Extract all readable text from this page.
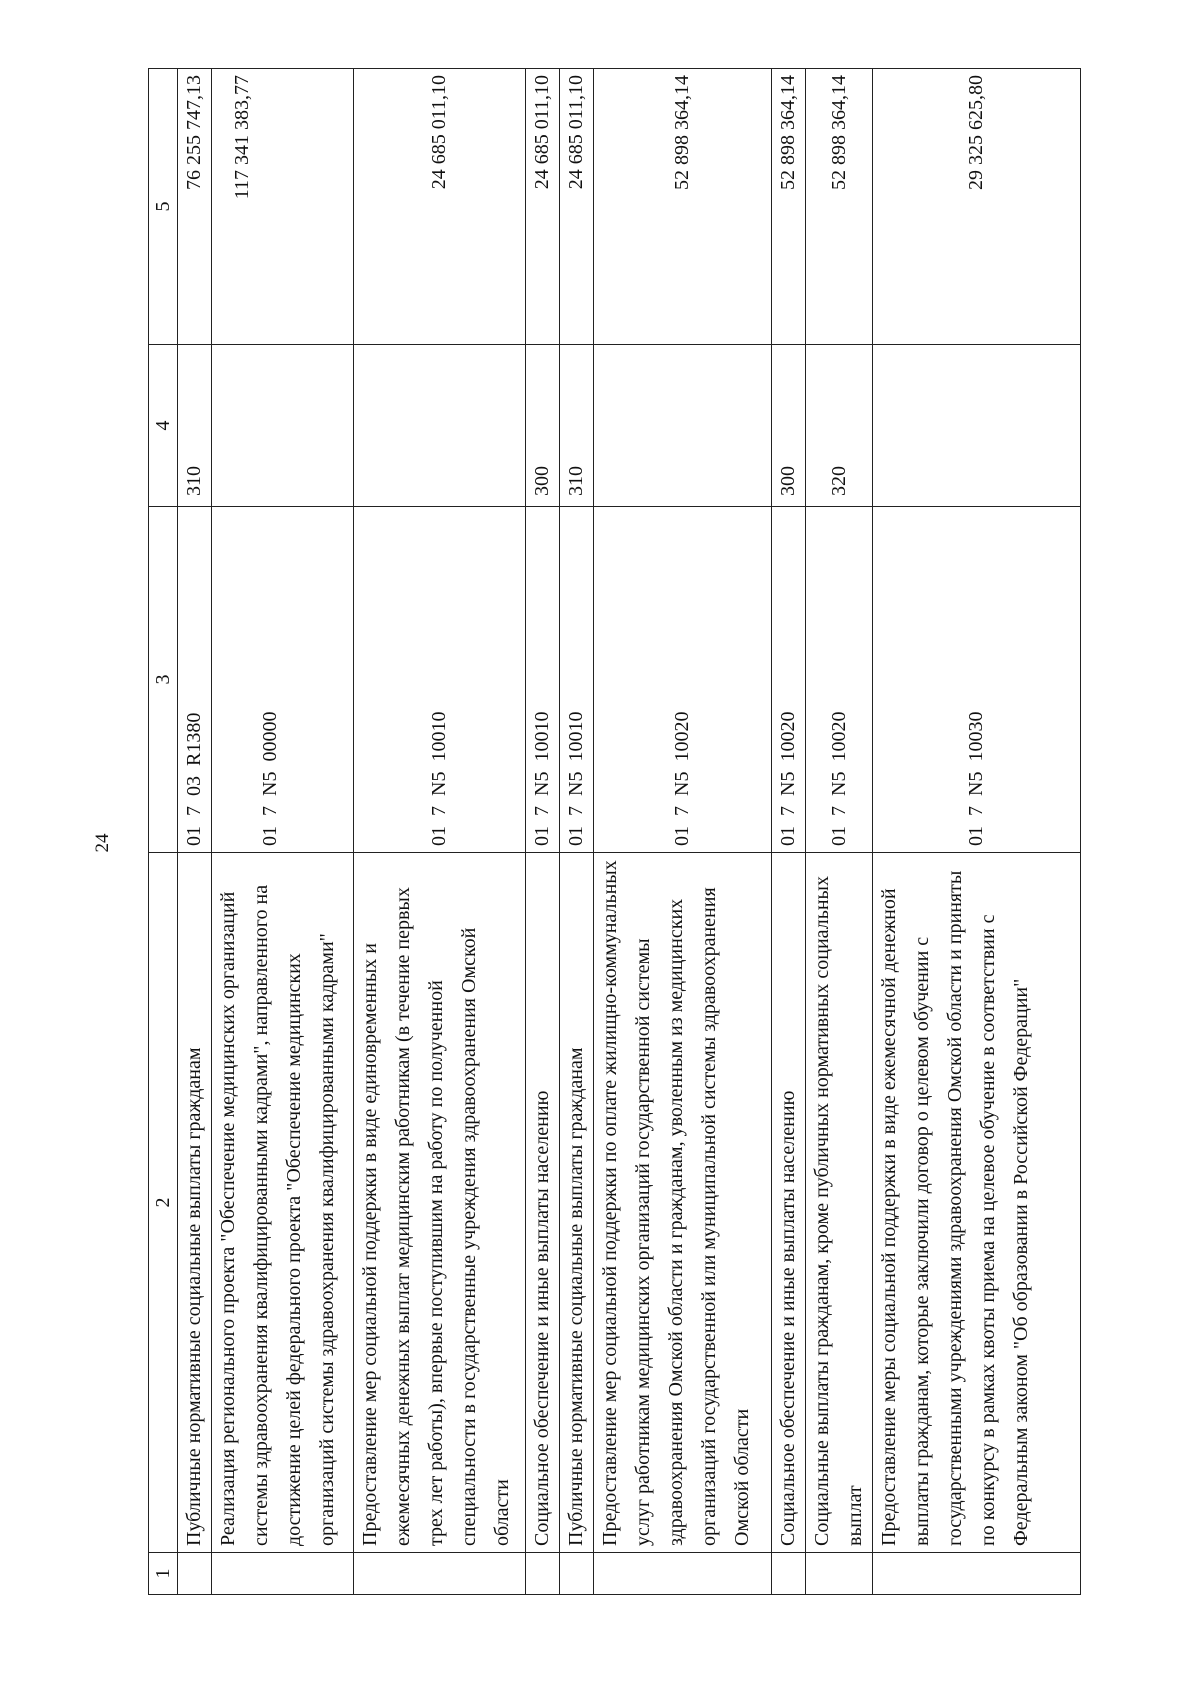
24
1	2	3	4	5
	Публичные нормативные социальные выплаты гражданам	01  7  03  R1380	310	76 255 747,13
	Реализация регионального проекта "Обеспечение медицинских организаций системы здравоохранения квалифицированными кадрами", направленного на достижение целей федерального проекта "Обеспечение медицинских организаций системы здравоохранения квалифицированными кадрами"	01  7  N5  00000		117 341 383,77

	Предоставление мер социальной поддержки в виде единовременных и ежемесячных денежных выплат медицинским работникам (в течение первых трех лет работы), впервые поступившим на работу по полученной специальности в государственные учреждения здравоохранения Омской области	01  7  N5  10010		24 685 011,10
	Социальное обеспечение и иные выплаты населению	01  7  N5  10010	300	24 685 011,10
	Публичные нормативные социальные выплаты гражданам	01  7  N5  10010	310	24 685 011,10
	Предоставление мер социальной поддержки по оплате жилищно-коммунальных услуг работникам медицинских организаций государственной системы здравоохранения Омской области и гражданам, уволенным из медицинских организаций государственной или муниципальной системы здравоохранения Омской области	01  7  N5  10020		52 898 364,14
	Социальное обеспечение и иные выплаты населению	01  7  N5  10020	300	52 898 364,14
	Социальные выплаты гражданам, кроме публичных нормативных социальных выплат	01  7  N5  10020	320	52 898 364,14
	Предоставление меры социальной поддержки в виде ежемесячной денежной выплаты гражданам, которые заключили договор о целевом обучении с государственными учреждениями здравоохранения Омской области и приняты по конкурсу в рамках квоты приема на целевое обучение в соответствии с Федеральным законом "Об образовании в Российской Федерации"	01  7  N5  10030		29 325 625,80
